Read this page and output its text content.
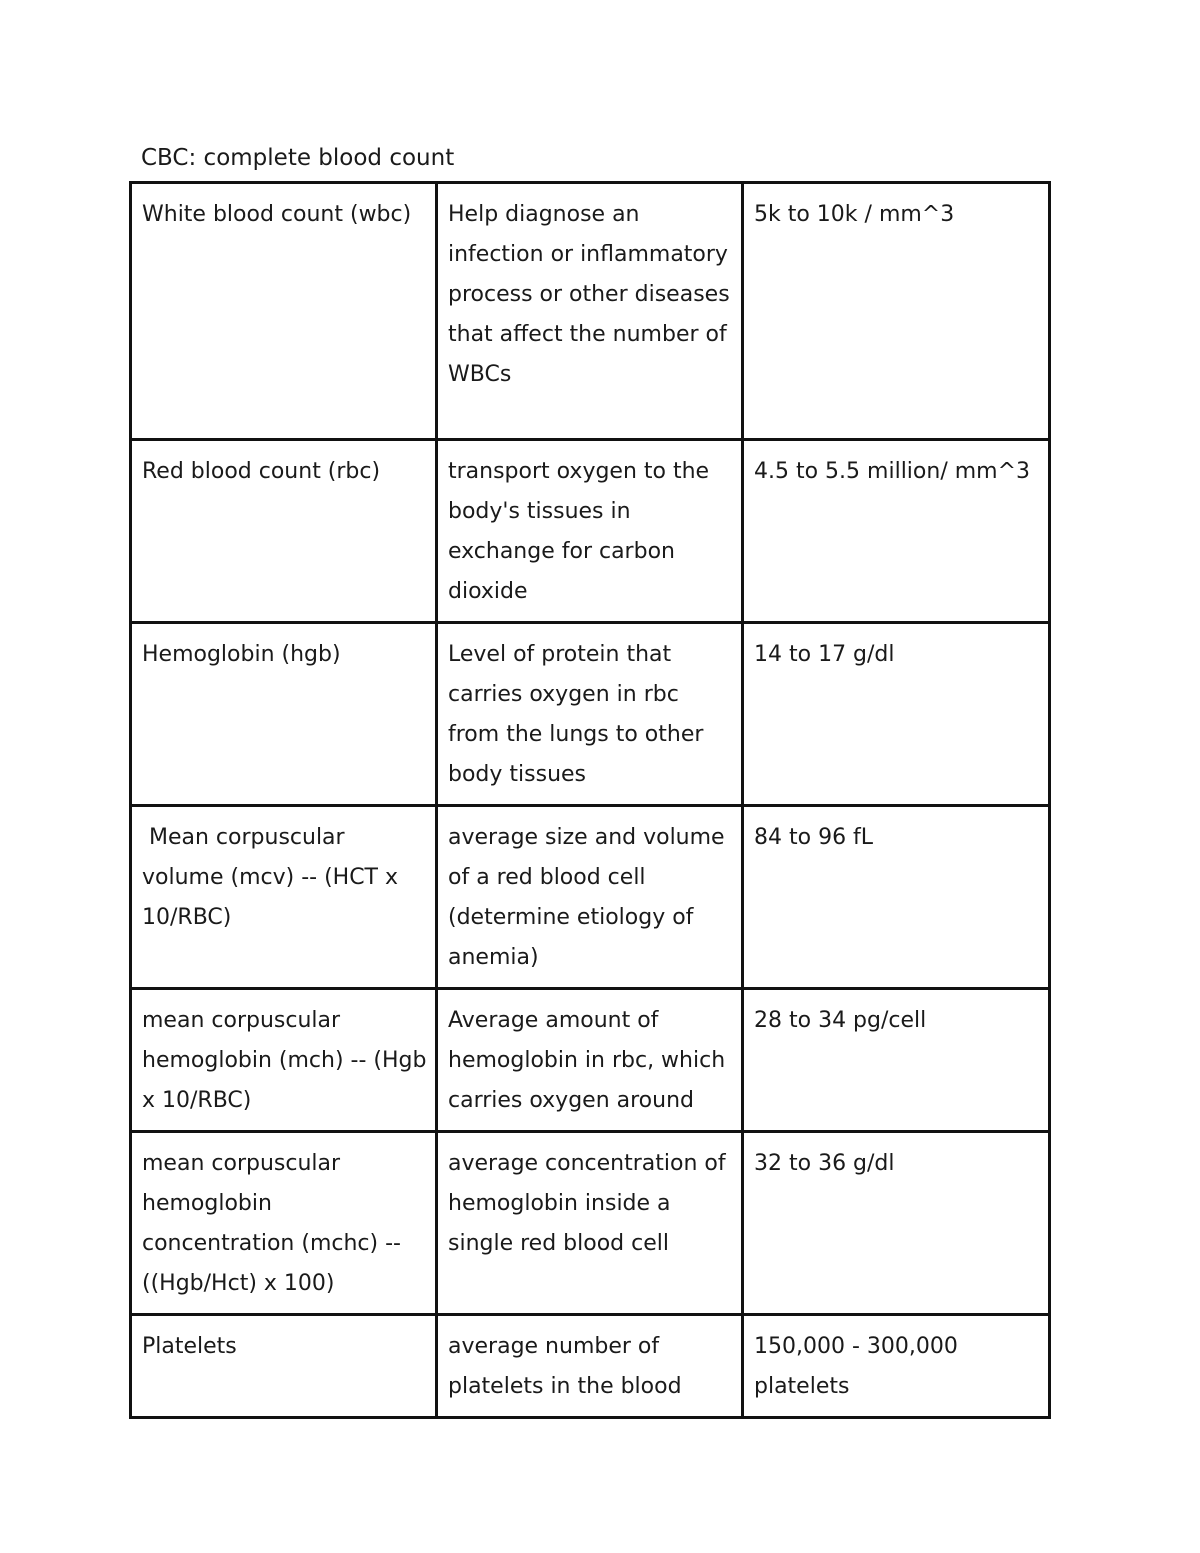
CBC: complete blood count
White blood count (wbc)	Help diagnose an infection or inflammatory process or other diseases that affect the number of WBCs	5k to 10k / mm^3
Red blood count (rbc)	transport oxygen to the body's tissues in exchange for carbon dioxide	4.5 to 5.5 million/ mm^3
Hemoglobin (hgb)	Level of protein that carries oxygen in rbc from the lungs to other body tissues	14 to 17 g/dl
Mean corpuscular volume (mcv) -- (HCT x 10/RBC)	average size and volume of a red blood cell (determine etiology of anemia)	84 to 96 fL
mean corpuscular hemoglobin (mch) -- (Hgb x 10/RBC)	Average amount of hemoglobin in rbc, which carries oxygen around	28 to 34 pg/cell
mean corpuscular hemoglobin concentration (mchc) -- ((Hgb/Hct) x 100)	average concentration of hemoglobin inside a single red blood cell	32 to 36 g/dl
Platelets	average number of platelets in the blood	150,000 - 300,000 platelets
